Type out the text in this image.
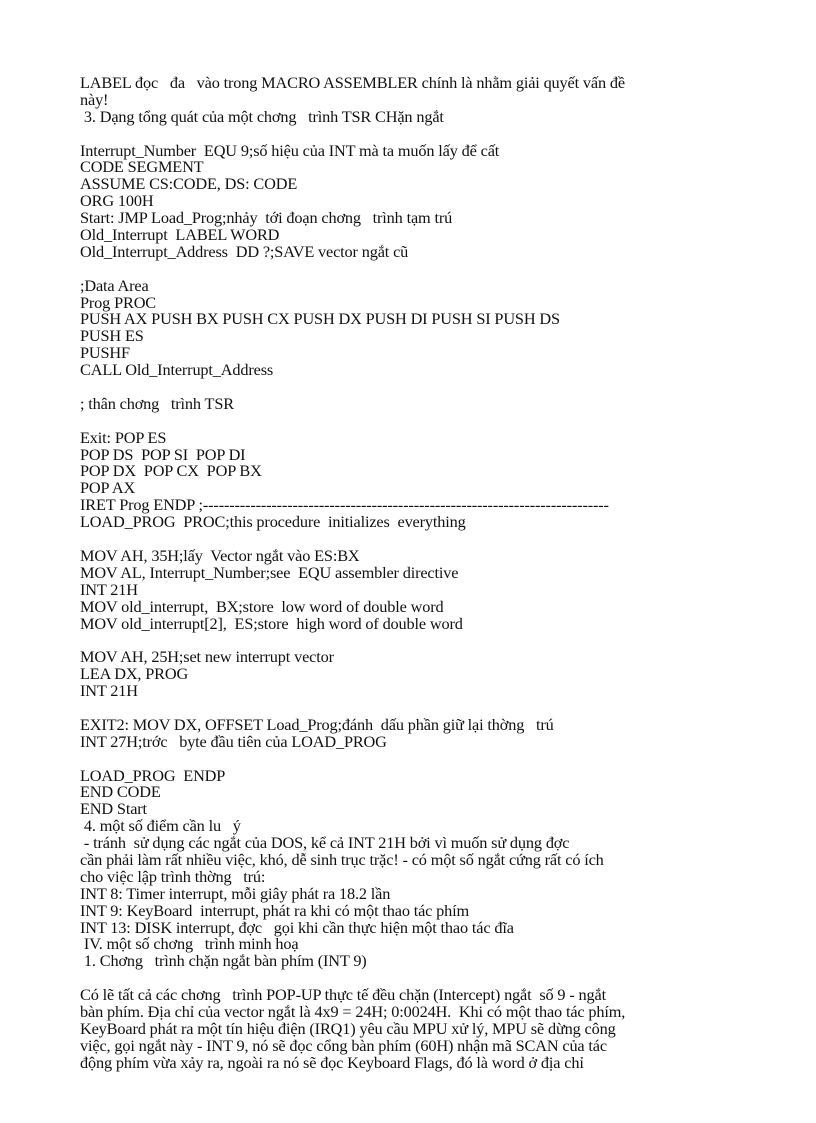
LABEL đọc   đa   vào trong MACRO ASSEMBLER chính là nhằm giải quyết vấn đề
này!
3. Dạng tổng quát của một chơng   trình TSR CHặn ngắt
Interrupt_Number  EQU 9;số hiệu của INT mà ta muốn lấy để cất
CODE SEGMENT
ASSUME CS:CODE, DS: CODE
ORG 100H
Start: JMP Load_Prog;nhảy  tới đoạn chơng   trình tạm trú
Old_Interrupt  LABEL WORD
Old_Interrupt_Address  DD ?;SAVE vector ngắt cũ
;Data Area
Prog PROC
PUSH AX PUSH BX PUSH CX PUSH DX PUSH DI PUSH SI PUSH DS
PUSH ES
PUSHF
CALL Old_Interrupt_Address
; thân chơng   trình TSR
Exit: POP ES
POP DS  POP SI  POP DI
POP DX  POP CX  POP BX
POP AX
IRET Prog ENDP ;-----------------------------------------------------------------------------
LOAD_PROG  PROC;this procedure  initializes  everything
MOV AH, 35H;lấy  Vector ngắt vào ES:BX
MOV AL, Interrupt_Number;see  EQU assembler directive
INT 21H
MOV old_interrupt,  BX;store  low word of double word
MOV old_interrupt[2],  ES;store  high word of double word
MOV AH, 25H;set new interrupt vector
LEA DX, PROG
INT 21H
EXIT2: MOV DX, OFFSET Load_Prog;đánh  dấu phần giữ lại thờng   trú
INT 27H;trớc   byte đầu tiên của LOAD_PROG
LOAD_PROG  ENDP
END CODE
END Start
4. một số điểm cần lu   ý
- tránh  sử dụng các ngắt của DOS, kể cả INT 21H bởi vì muốn sử dụng đợc
cần phải làm rất nhiều việc, khó, dễ sinh trục trặc! - có một số ngắt cứng rất có ích
cho việc lập trình thờng   trú:
INT 8: Timer interrupt, mỗi giây phát ra 18.2 lần
INT 9: KeyBoard  interrupt, phát ra khi có một thao tác phím
INT 13: DISK interrupt, đợc   gọi khi cần thực hiện một thao tác đĩa
IV. một số chơng   trình minh hoạ
1. Chơng   trình chặn ngắt bàn phím (INT 9)
Có lẽ tất cả các chơng   trình POP-UP thực tế đều chặn (Intercept) ngắt  số 9 - ngắt
bàn phím. Địa chỉ của vector ngắt là 4x9 = 24H; 0:0024H.  Khi có một thao tác phím,
KeyBoard phát ra một tín hiệu điện (IRQ1) yêu cầu MPU xử lý, MPU sẽ dừng công
việc, gọi ngắt này - INT 9, nó sẽ đọc cổng bàn phím (60H) nhận mã SCAN của tác
động phím vừa xảy ra, ngoài ra nó sẽ đọc Keyboard Flags, đó là word ở địa chỉ
